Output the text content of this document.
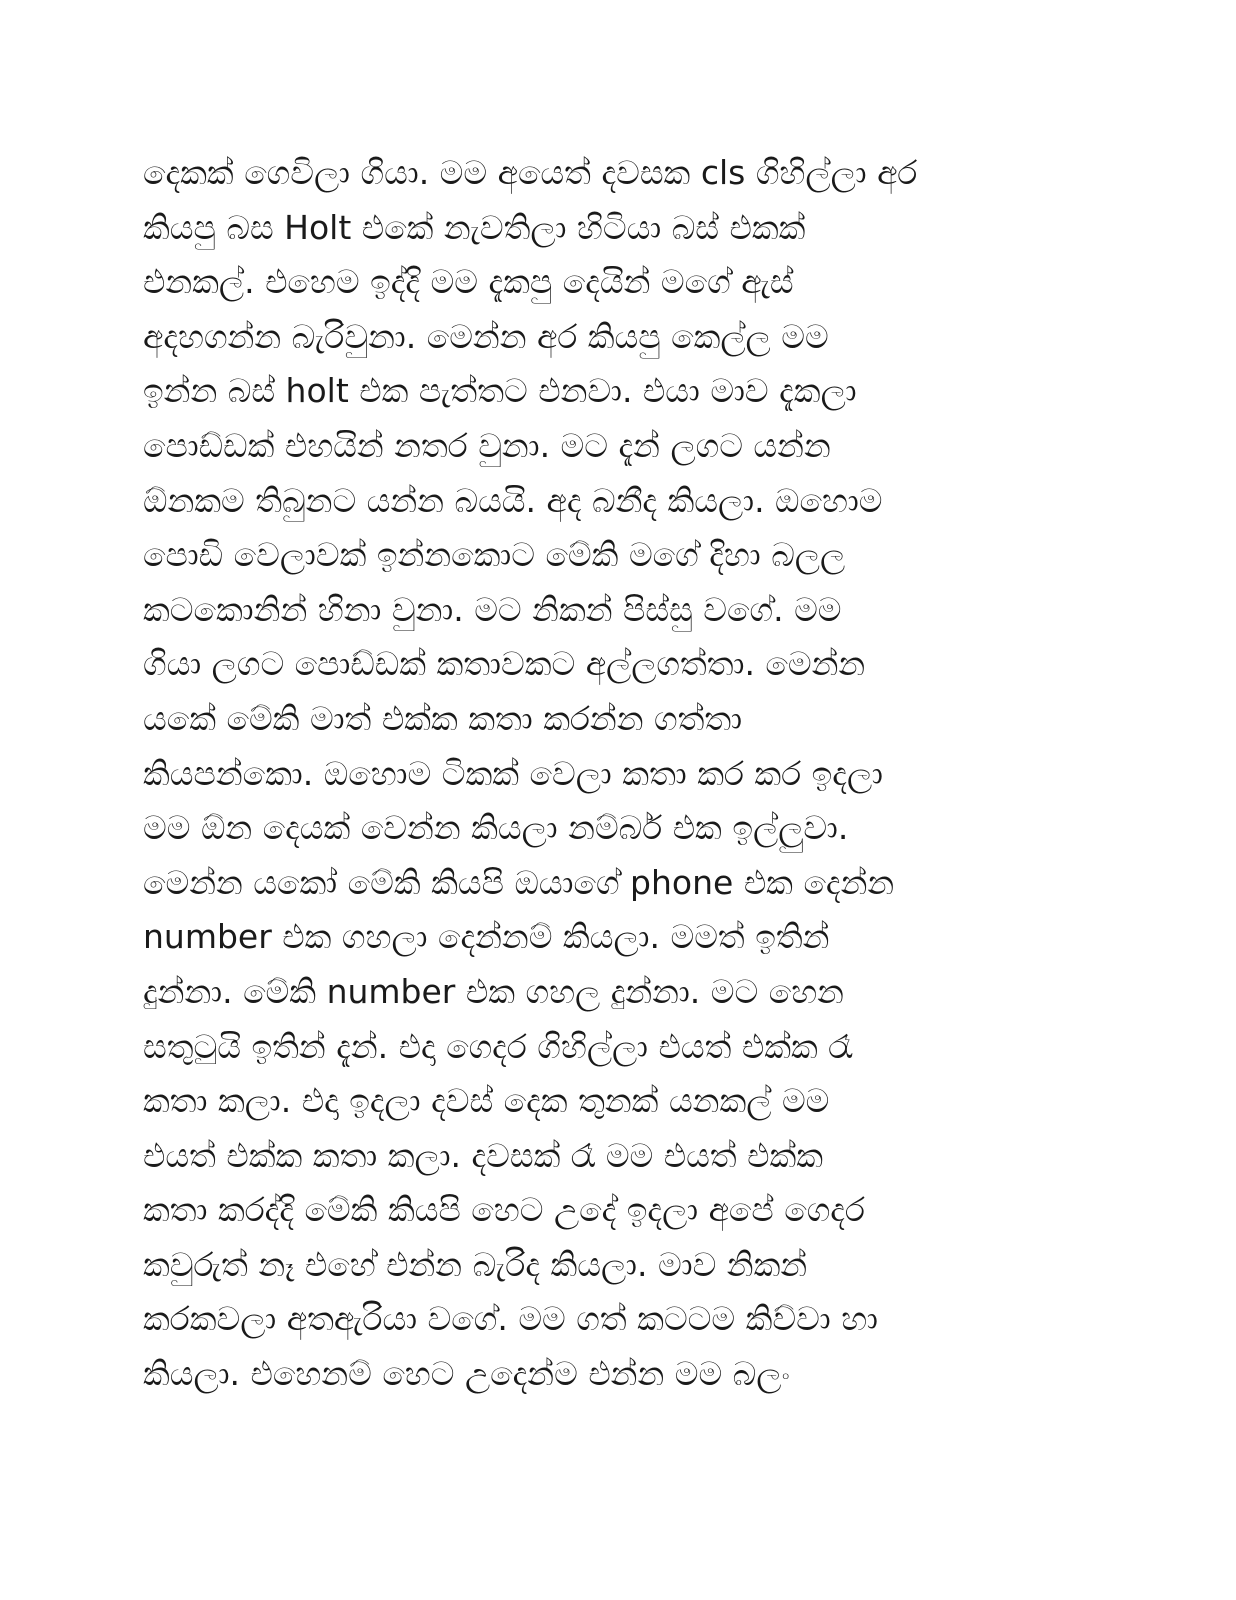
දෙකක් ගෙවිලා ගියා. මම අයෙත් දවසක cls ගිහිල්ලා අර
කියපු බස Holt එකේ නැවතිලා හිටියා බස් එකක්
එනකල්. එහෙම ඉද්දි මම දැකපු දෙයින් මගේ ඇස්
අදහගන්න බැරිවුනා. මෙන්න අර කියපු කෙල්ල මම
ඉන්න බස් holt එක පැත්තට එනවා. එයා මාව දැකලා
පොඩ්ඩක් එහයින් නතර වුනා. මට දැන් ලගට යන්න
ඕනකම තිබුනට යන්න බයයි. අද බනීද කියලා. ඔහොම
පොඩි වෙලාවක් ඉන්නකොට මේකි මගේ දිහා බලල
කටකොනින් හිනා වුනා. මට නිකන් පිස්සු වගේ. මම
ගියා ලගට පොඩ්ඩක් කතාවකට අල්ලගත්තා. මෙන්න
යකේ මේකි මාත් එක්ක කතා කරන්න ගත්තා
කියපන්කො. ඔහොම ටිකක් වෙලා කතා කර කර ඉදලා
මම ඕන දෙයක් වෙන්න කියලා නම්බර් එක ඉල්ලුවා.
මෙන්න යකෝ මේකි කියපි ඔයාගේ phone එක දෙන්න
number එක ගහලා දෙන්නම් කියලා. මමත් ඉතින්
දුන්නා. මේකි number එක ගහල දුන්නා. මට හෙන
සතුටුයි ඉතින් දැන්. එදා ගෙදර ගිහිල්ලා එයත් එක්ක රෑ
කතා කලා. එදා ඉදලා දවස් දෙක තුනක් යනකල් මම
එයත් එක්ක කතා කලා. දවසක් රෑ මම එයත් එක්ක
කතා කරද්දි මේකි කියපි හෙට උදේ ඉදලා අපේ ගෙදර
කවුරුත් නෑ එහේ එන්න බැරිද කියලා. මාව නිකන්
කරකවලා අතඇරියා වගේ. මම ගත් කටටම කිව්වා හා
කියලා. එහෙනම් හෙට උදෙන්ම එන්න මම බලං
